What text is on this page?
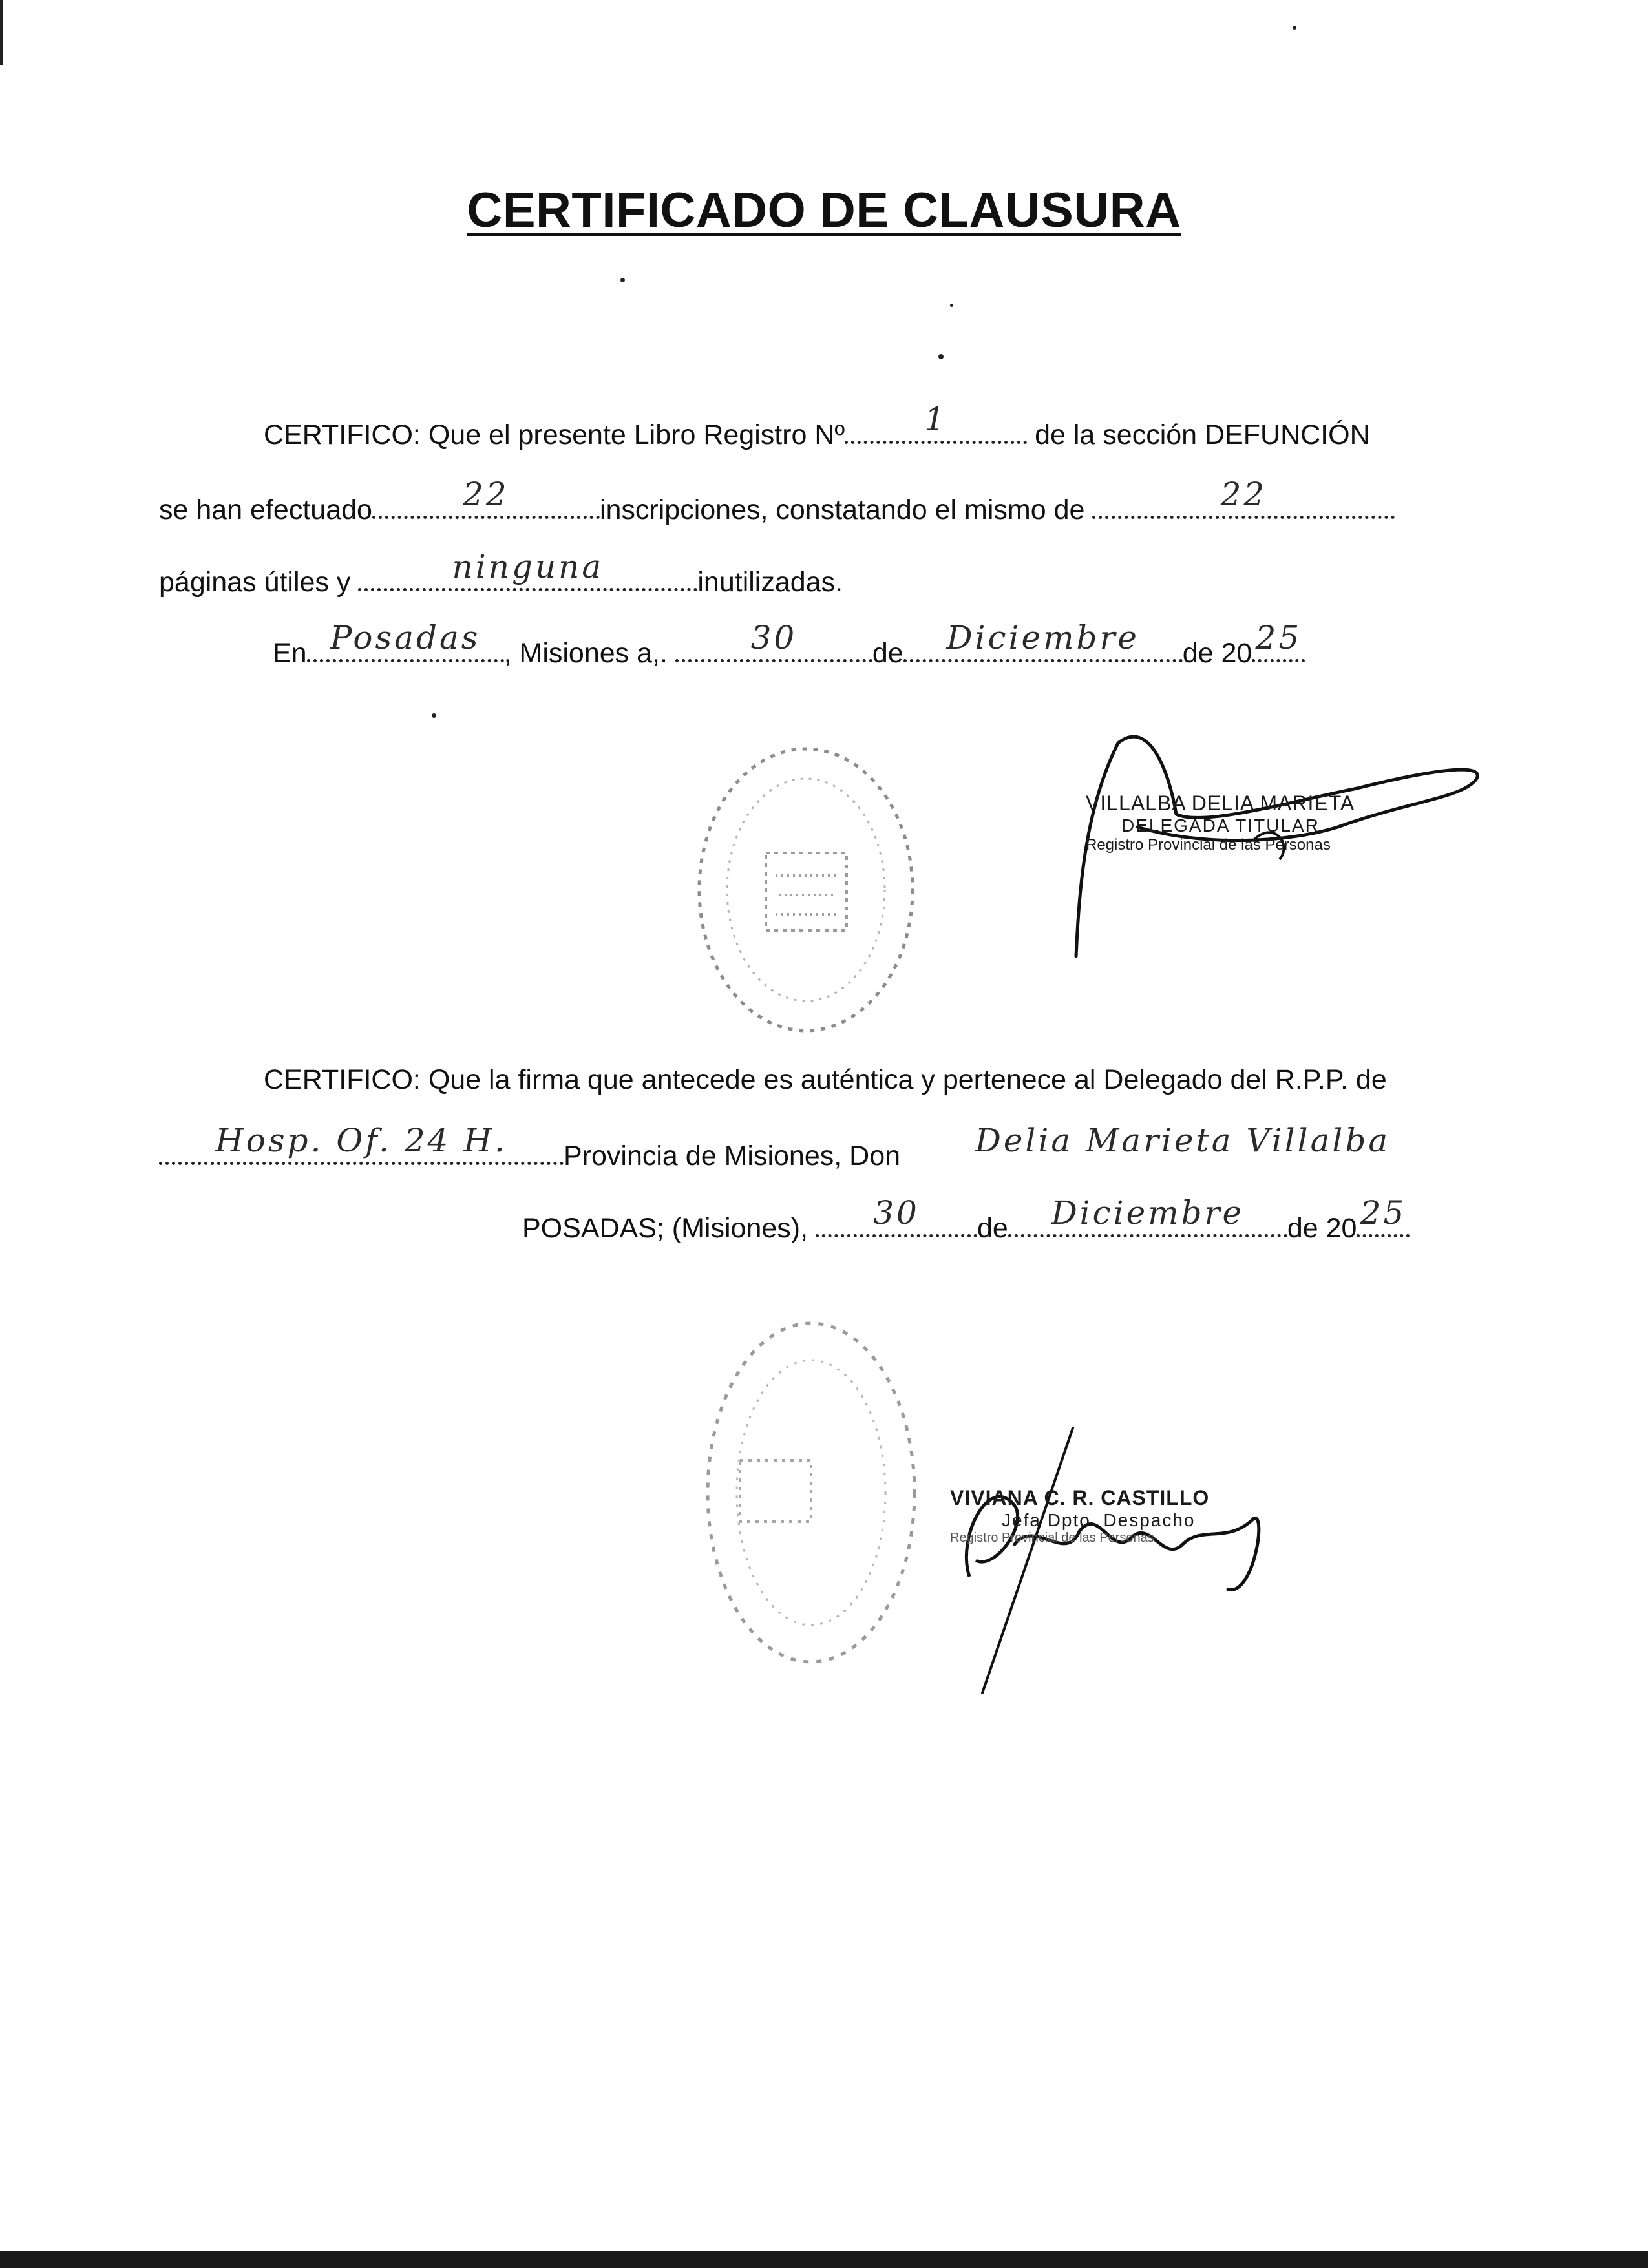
CERTIFICADO DE CLAUSURA
CERTIFICO: Que el presente Libro Registro Nº	1	de la sección DEFUNCIÓN
se han efectuado	22	inscripciones, constatando el mismo de	22
páginas útiles y	ninguna	inutilizadas.
En Posadas , Misiones a,.	30	de	Diciembre	de 20 25
VILLALBA DELIA MARIETA
DELEGADA TITULAR
Registro Provincial de las Personas
CERTIFICO: Que la firma que antecede es auténtica y pertenece al Delegado del R.P.P. de
Hosp. Of. 24 H.	Provincia de Misiones, Don	Delia Marieta Villalba
POSADAS; (Misiones),	30	de	Diciembre	de 20 25
VIVIANA C. R. CASTILLO
Jefa Dpto. Despacho
Registro Provincial de las Personas
